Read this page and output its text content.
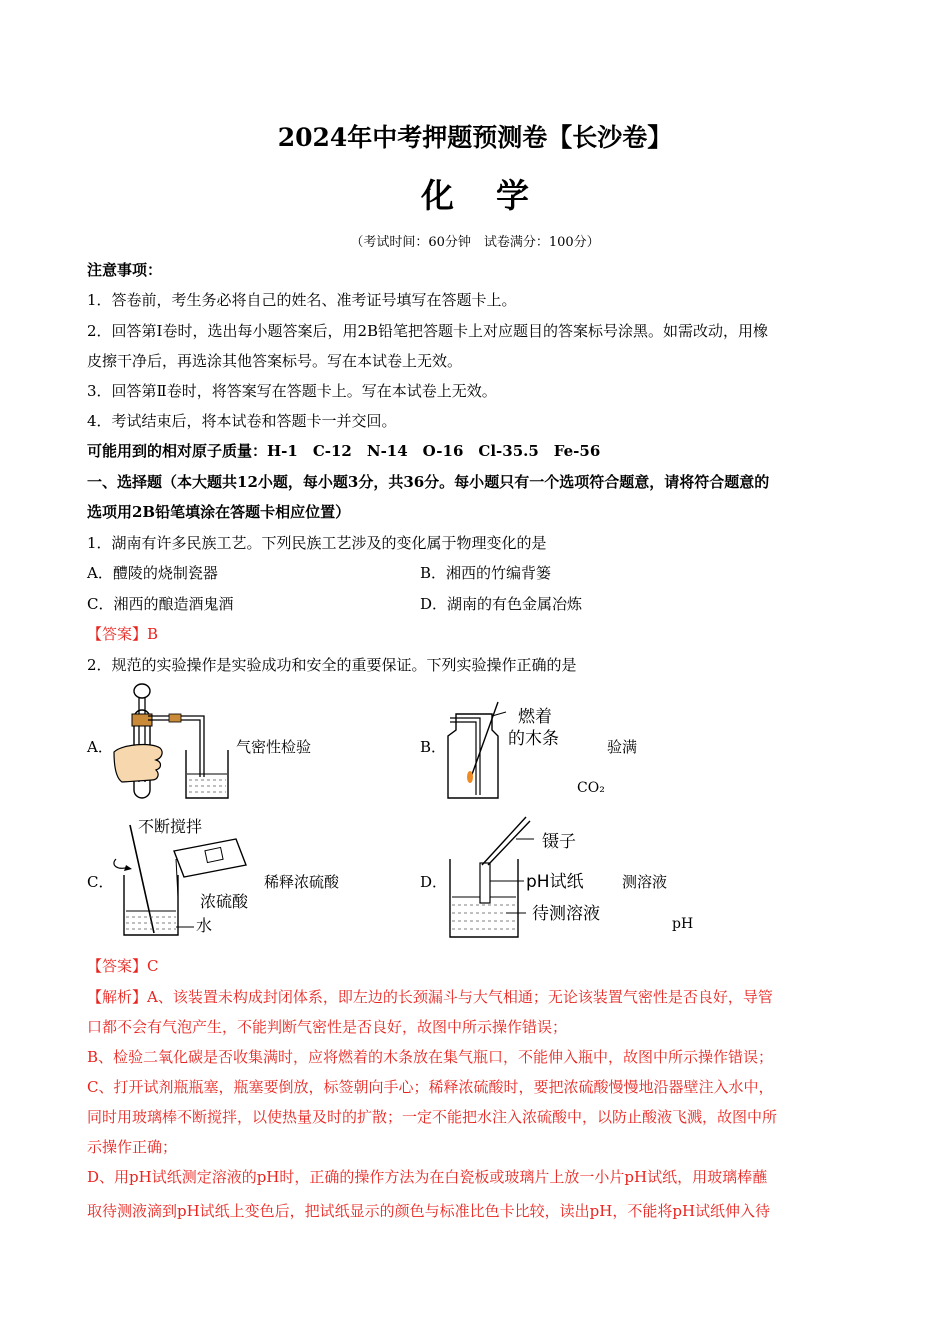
2024年中考押题预测卷【长沙卷】
化学
（考试时间：60分钟　试卷满分：100分）
注意事项：
1．答卷前，考生务必将自己的姓名、准考证号填写在答题卡上。
2．回答第Ⅰ卷时，选出每小题答案后，用2B铅笔把答题卡上对应题目的答案标号涂黑。如需改动，用橡
皮擦干净后，再选涂其他答案标号。写在本试卷上无效。
3．回答第Ⅱ卷时，将答案写在答题卡上。写在本试卷上无效。
4．考试结束后，将本试卷和答题卡一并交回。
可能用到的相对原子质量：H-1　C-12　N-14　O-16　Cl-35.5　Fe-56
一、选择题（本大题共12小题，每小题3分，共36分。每小题只有一个选项符合题意，请将符合题意的
选项用2B铅笔填涂在答题卡相应位置）
1．湖南有许多民族工艺。下列民族工艺涉及的变化属于物理变化的是
A．醴陵的烧制瓷器	B．湘西的竹编背篓
C．湘西的酿造酒鬼酒	D．湖南的有色金属冶炼
【答案】B
2．规范的实验操作是实验成功和安全的重要保证。下列实验操作正确的是
A．	气密性检验	B．
燃着
的木条	验满
CO₂
C．
不断搅拌
浓硫酸
水
稀释浓硫酸	D．
镊子
pH试纸
待测溶液
测溶液
pH
【答案】C
【解析】A、该装置未构成封闭体系，即左边的长颈漏斗与大气相通；无论该装置气密性是否良好，导管
口都不会有气泡产生，不能判断气密性是否良好，故图中所示操作错误；
B、检验二氧化碳是否收集满时，应将燃着的木条放在集气瓶口，不能伸入瓶中，故图中所示操作错误；
C、打开试剂瓶瓶塞，瓶塞要倒放，标签朝向手心；稀释浓硫酸时，要把浓硫酸慢慢地沿器壁注入水中，
同时用玻璃棒不断搅拌，以使热量及时的扩散；一定不能把水注入浓硫酸中，以防止酸液飞溅，故图中所
示操作正确；
D、用pH试纸测定溶液的pH时，正确的操作方法为在白瓷板或玻璃片上放一小片pH试纸，用玻璃棒蘸
取待测液滴到pH试纸上变色后，把试纸显示的颜色与标准比色卡比较，读出pH，不能将pH试纸伸入待
